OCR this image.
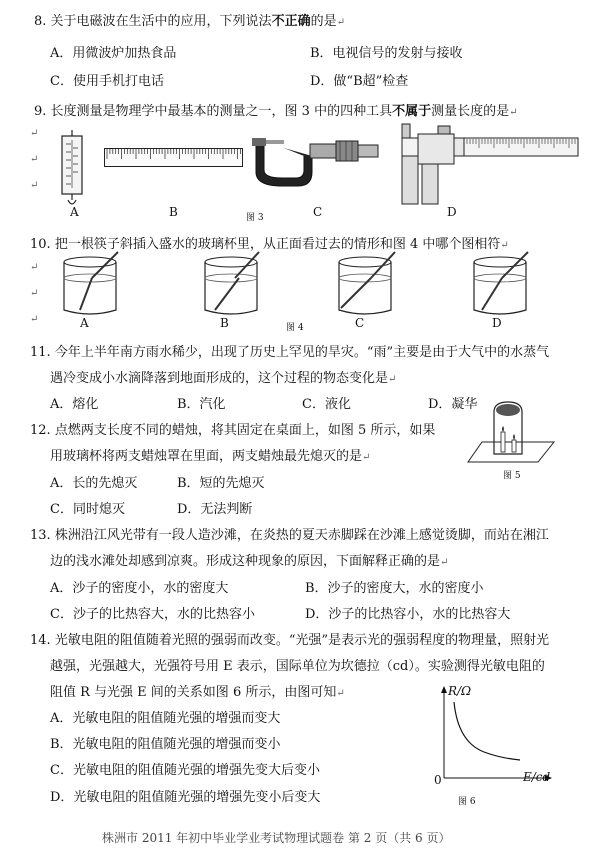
8. 关于电磁波在生活中的应用，下列说法不正确的是↵
A．用微波炉加热食品	B．电视信号的发射与接收
C．使用手机打电话	D．做“B超”检查
9. 长度测量是物理学中最基本的测量之一，图 3 中的四种工具不属于测量长度的是↵
↵
↵
↵
A	B	C	D
图 3
10. 把一根筷子斜插入盛水的玻璃杯里，从正面看过去的情形和图 4 中哪个图相符↵
↵
↵
↵	A	B	C	D
图 4
11. 今年上半年南方雨水稀少，出现了历史上罕见的旱灾。“雨”主要是由于大气中的水蒸气
遇冷变成小水滴降落到地面形成的，这个过程的物态变化是↵
A．熔化	B．汽化	C．液化	D．凝华
12. 点燃两支长度不同的蜡烛，将其固定在桌面上，如图 5 所示，如果
用玻璃杯将两支蜡烛罩在里面，两支蜡烛最先熄灭的是↵
A．长的先熄灭	B．短的先熄灭
C．同时熄灭	D．无法判断
图 5
13. 株洲沿江风光带有一段人造沙滩，在炎热的夏天赤脚踩在沙滩上感觉烫脚，而站在湘江
边的浅水滩处却感到凉爽。形成这种现象的原因，下面解释正确的是↵
A．沙子的密度小，水的密度大	B．沙子的密度大，水的密度小
C．沙子的比热容大，水的比热容小	D．沙子的比热容小，水的比热容大
14. 光敏电阻的阻值随着光照的强弱而改变。“光强”是表示光的强弱程度的物理量，照射光
越强，光强越大，光强符号用 E 表示，国际单位为坎德拉（cd）。实验测得光敏电阻的
阻值 R 与光强 E 间的关系如图 6 所示，由图可知↵
A．光敏电阻的阻值随光强的增强而变大
B．光敏电阻的阻值随光强的增强而变小
C．光敏电阻的阻值随光强的增强先变大后变小
D．光敏电阻的阻值随光强的增强先变小后变大
R/Ω
E/cd
0
图 6
株洲市 2011 年初中毕业学业考试物理试题卷 第 2 页（共 6 页）
